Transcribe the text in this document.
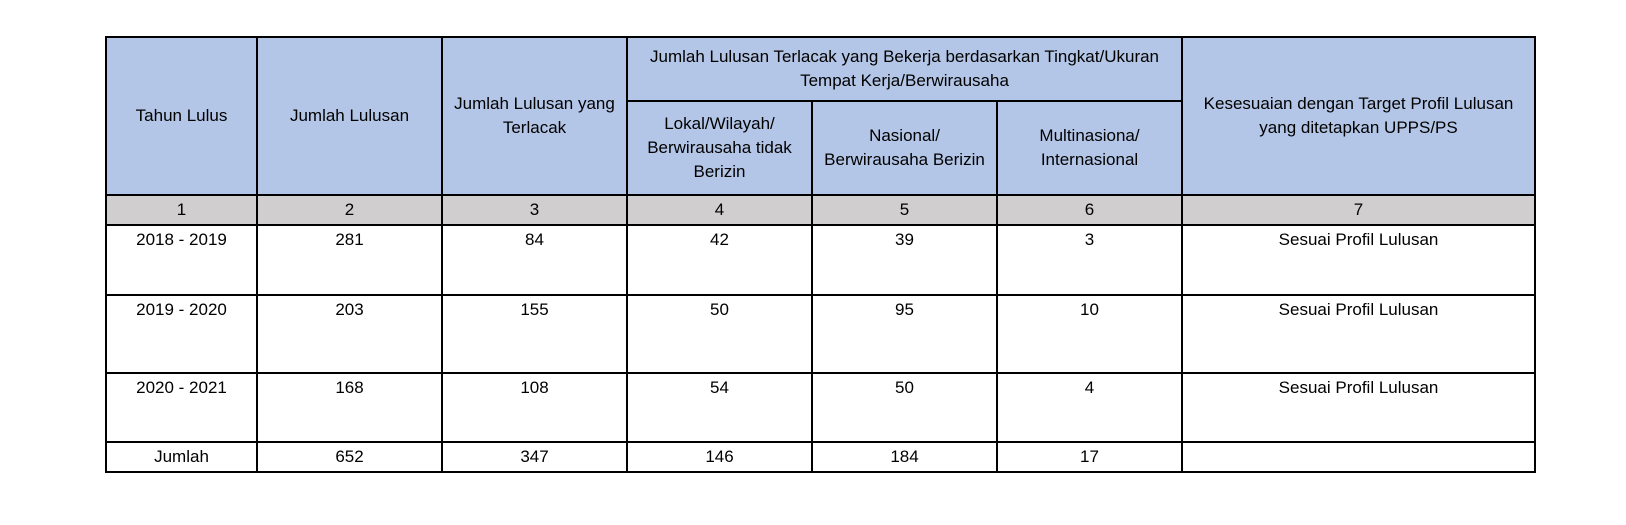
Tahun Lulus	Jumlah Lulusan	Jumlah Lulusan yang Terlacak	Jumlah Lulusan Terlacak yang Bekerja berdasarkan Tingkat/Ukuran Tempat Kerja/Berwirausaha			Kesesuaian dengan Target Profil Lulusan yang ditetapkan UPPS/PS
			Lokal/Wilayah/ Berwirausaha tidak Berizin	Nasional/ Berwirausaha Berizin	Multinasiona/ Internasional	
1	2	3	4	5	6	7
2018 - 2019	281	84	42	39	3	Sesuai Profil Lulusan
2019 - 2020	203	155	50	95	10	Sesuai Profil Lulusan
2020 - 2021	168	108	54	50	4	Sesuai Profil Lulusan
Jumlah	652	347	146	184	17	
